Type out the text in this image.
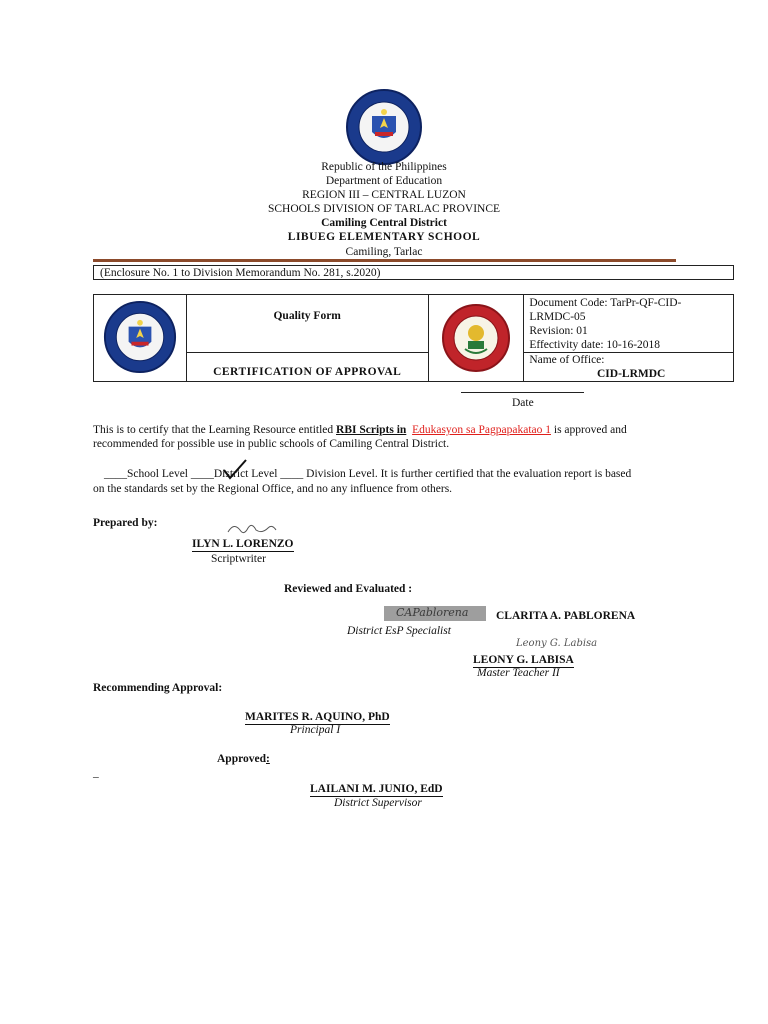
Republic of the Philippines
Department of Education
REGION III – CENTRAL LUZON
SCHOOLS DIVISION OF TARLAC PROVINCE
Camiling Central District
LIBUEG ELEMENTARY SCHOOL
Camiling, Tarlac
(Enclosure No. 1 to Division Memorandum No. 281, s.2020)

Quality Form		Document Code: TarPr-QF-CID-
LRMDC-05
Revision: 01
Effectivity date: 10-16-2018

	CERTIFICATION OF APPROVAL		Name of Office:
CID-LRMDC
Date
This is to certify that the Learning Resource entitled RBI Scripts in Edukasyon sa Pagpapakatao 1 is approved and
recommended for possible use in public schools of Camiling Central District.
____School Level ____District Level ____ Division Level. It is further certified that the evaluation report is based
on the standards set by the Regional Office, and no any influence from others.
Prepared by:
ILYN L. LORENZO
Scriptwriter
Reviewed and Evaluated :
CAPablorena CLARITA A. PABLORENA
District EsP Specialist
Leony G. Labisa
LEONY G. LABISA
Master Teacher II
Recommending Approval:
MARITES R. AQUINO, PhD
Principal I
Approved:
–
LAILANI M. JUNIO, EdD
District Supervisor
